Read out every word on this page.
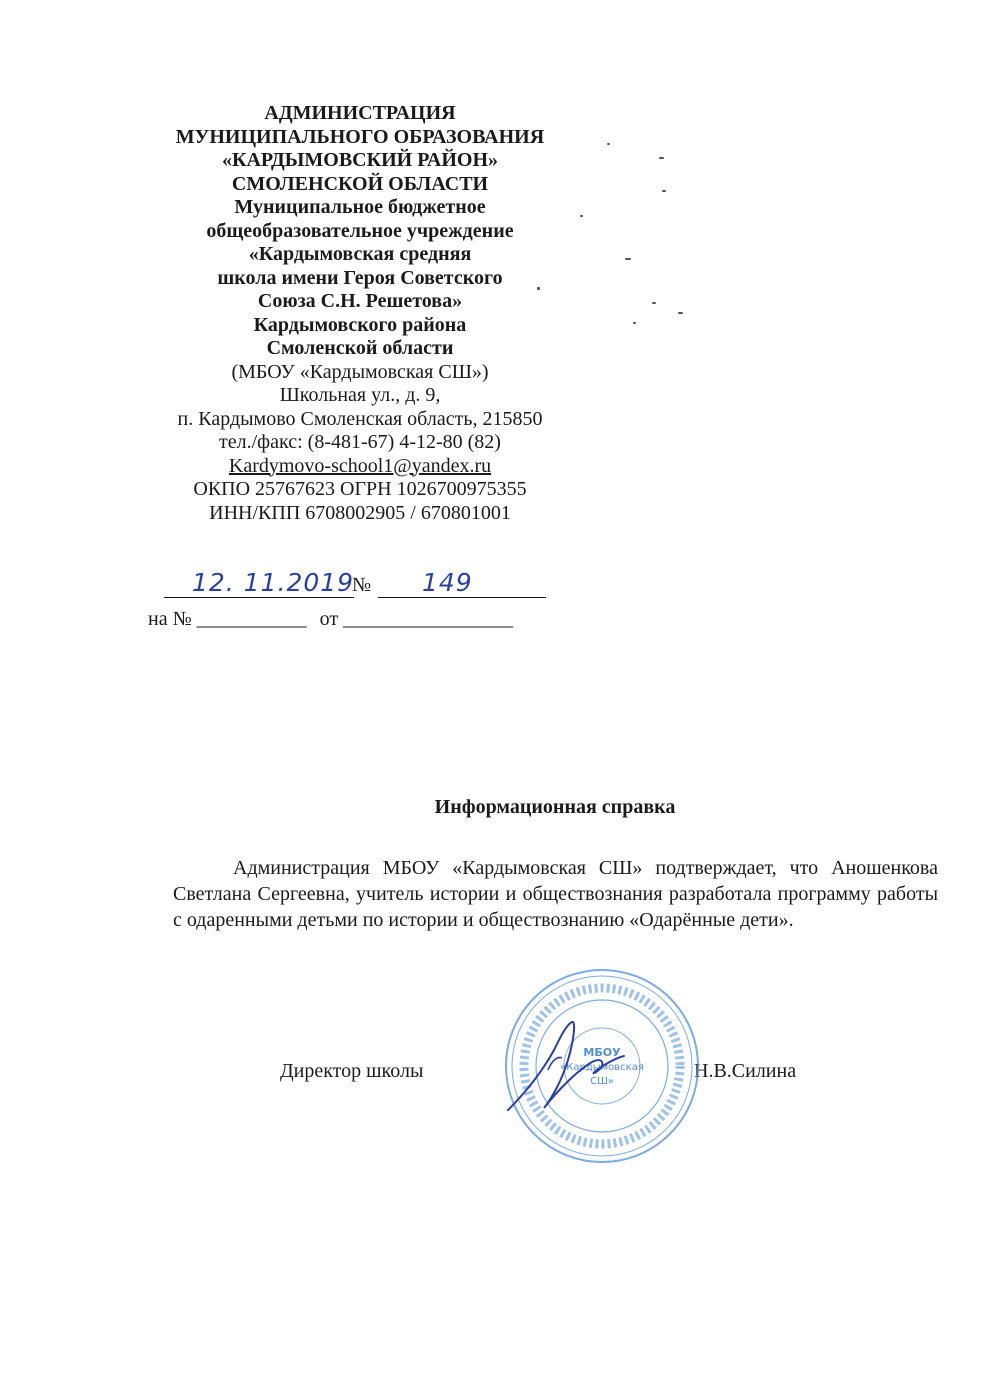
АДМИНИСТРАЦИЯ
МУНИЦИПАЛЬНОГО ОБРАЗОВАНИЯ
«КАРДЫМОВСКИЙ РАЙОН»
СМОЛЕНСКОЙ ОБЛАСТИ
Муниципальное бюджетное
общеобразовательное учреждение
«Кардымовская средняя
школа имени Героя Советского
Союза С.Н. Решетова»
Кардымовского района
Смоленской области
(МБОУ «Кардымовская СШ»)
Школьная ул., д. 9,
п. Кардымово Смоленская область, 215850
тел./факс: (8-481-67) 4-12-80 (82)
Kardymovo-school1@yandex.ru
ОКПО 25767623 ОГРН 1026700975355
ИНН/КПП 6708002905 / 670801001
12. 11.2019
№ 149
на № ___________ от _________________
Информационная справка
Администрация МБОУ «Кардымовская СШ» подтверждает, что Аношенкова Светлана Сергеевна, учитель истории и обществознания разработала программу работы с одаренными детьми по истории и обществознанию «Одарённые дети».
Директор школы	Н.В.Силина
МБОУ
«Кардымовская
СШ»
